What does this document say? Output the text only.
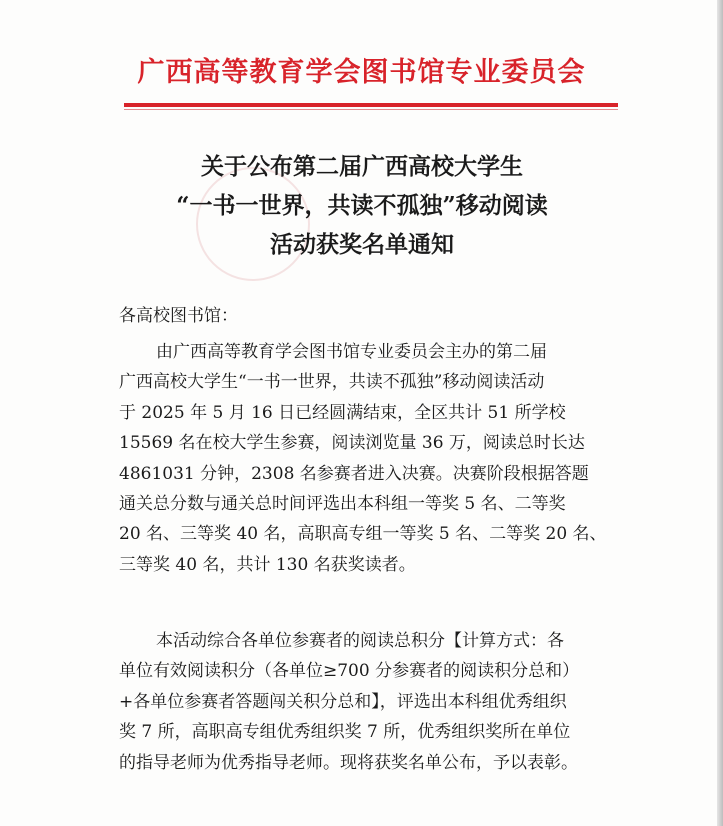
广西高等教育学会图书馆专业委员会
关于公布第二届广西高校大学生
“一书一世界，共读不孤独”移动阅读
活动获奖名单通知
各高校图书馆：
由广西高等教育学会图书馆专业委员会主办的第二届
广西高校大学生“一书一世界，共读不孤独”移动阅读活动
于 2025 年 5 月 16 日已经圆满结束，全区共计 51 所学校
15569 名在校大学生参赛，阅读浏览量 36 万，阅读总时长达
4861031 分钟，2308 名参赛者进入决赛。决赛阶段根据答题
通关总分数与通关总时间评选出本科组一等奖 5 名、二等奖
20 名、三等奖 40 名，高职高专组一等奖 5 名、二等奖 20 名、
三等奖 40 名，共计 130 名获奖读者。
本活动综合各单位参赛者的阅读总积分【计算方式：各
单位有效阅读积分（各单位≥700 分参赛者的阅读积分总和）
+各单位参赛者答题闯关积分总和】，评选出本科组优秀组织
奖 7 所，高职高专组优秀组织奖 7 所，优秀组织奖所在单位
的指导老师为优秀指导老师。现将获奖名单公布，予以表彰。
